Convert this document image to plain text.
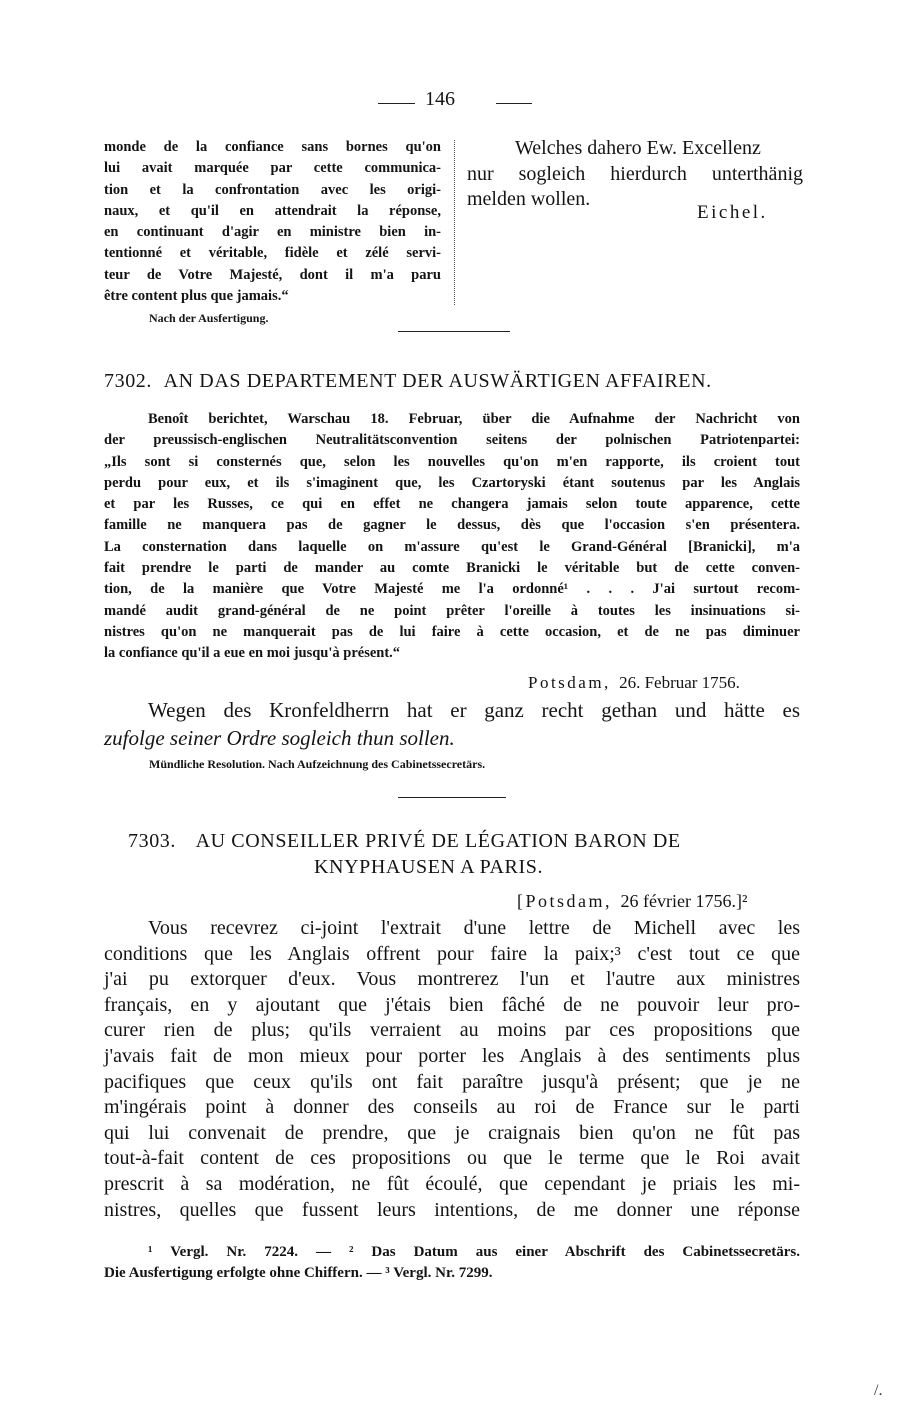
146
monde de la confiance sans bornes qu'on
lui avait marquée par cette communica-
tion et la confrontation avec les origi-
naux, et qu'il en attendrait la réponse,
en continuant d'agir en ministre bien in-
tentionné et véritable, fidèle et zélé servi-
teur de Votre Majesté, dont il m'a paru
être content plus que jamais.“
Welches dahero Ew. Excellenz
nur sogleich hierdurch unterthänig
melden wollen.
Eichel.
Nach der Ausfertigung.
7302. AN DAS DEPARTEMENT DER AUSWÄRTIGEN AFFAIREN.
Benoît berichtet, Warschau 18. Februar, über die Aufnahme der Nachricht von
der preussisch-englischen Neutralitätsconvention seitens der polnischen Patriotenpartei:
„Ils sont si consternés que, selon les nouvelles qu'on m'en rapporte, ils croient tout
perdu pour eux, et ils s'imaginent que, les Czartoryski étant soutenus par les Anglais
et par les Russes, ce qui en effet ne changera jamais selon toute apparence, cette
famille ne manquera pas de gagner le dessus, dès que l'occasion s'en présentera.
La consternation dans laquelle on m'assure qu'est le Grand-Général [Branicki], m'a
fait prendre le parti de mander au comte Branicki le véritable but de cette conven-
tion, de la manière que Votre Majesté me l'a ordonné¹ . . . J'ai surtout recom-
mandé audit grand-général de ne point prêter l'oreille à toutes les insinuations si-
nistres qu'on ne manquerait pas de lui faire à cette occasion, et de ne pas diminuer
la confiance qu'il a eue en moi jusqu'à présent.“
Potsdam, 26. Februar 1756.
Wegen des Kronfeldherrn hat er ganz recht gethan und hätte es
zufolge seiner Ordre sogleich thun sollen.
Mündliche Resolution. Nach Aufzeichnung des Cabinetssecretärs.
7303. AU CONSEILLER PRIVÉ DE LÉGATION BARON DE
KNYPHAUSEN A PARIS.
[Potsdam, 26 février 1756.]²
Vous recevrez ci-joint l'extrait d'une lettre de Michell avec les
conditions que les Anglais offrent pour faire la paix;³ c'est tout ce que
j'ai pu extorquer d'eux. Vous montrerez l'un et l'autre aux ministres
français, en y ajoutant que j'étais bien fâché de ne pouvoir leur pro-
curer rien de plus; qu'ils verraient au moins par ces propositions que
j'avais fait de mon mieux pour porter les Anglais à des sentiments plus
pacifiques que ceux qu'ils ont fait paraître jusqu'à présent; que je ne
m'ingérais point à donner des conseils au roi de France sur le parti
qui lui convenait de prendre, que je craignais bien qu'on ne fût pas
tout-à-fait content de ces propositions ou que le terme que le Roi avait
prescrit à sa modération, ne fût écoulé, que cependant je priais les mi-
nistres, quelles que fussent leurs intentions, de me donner une réponse
¹ Vergl. Nr. 7224. — ² Das Datum aus einer Abschrift des Cabinetssecretärs.
Die Ausfertigung erfolgte ohne Chiffern. — ³ Vergl. Nr. 7299.
/.
